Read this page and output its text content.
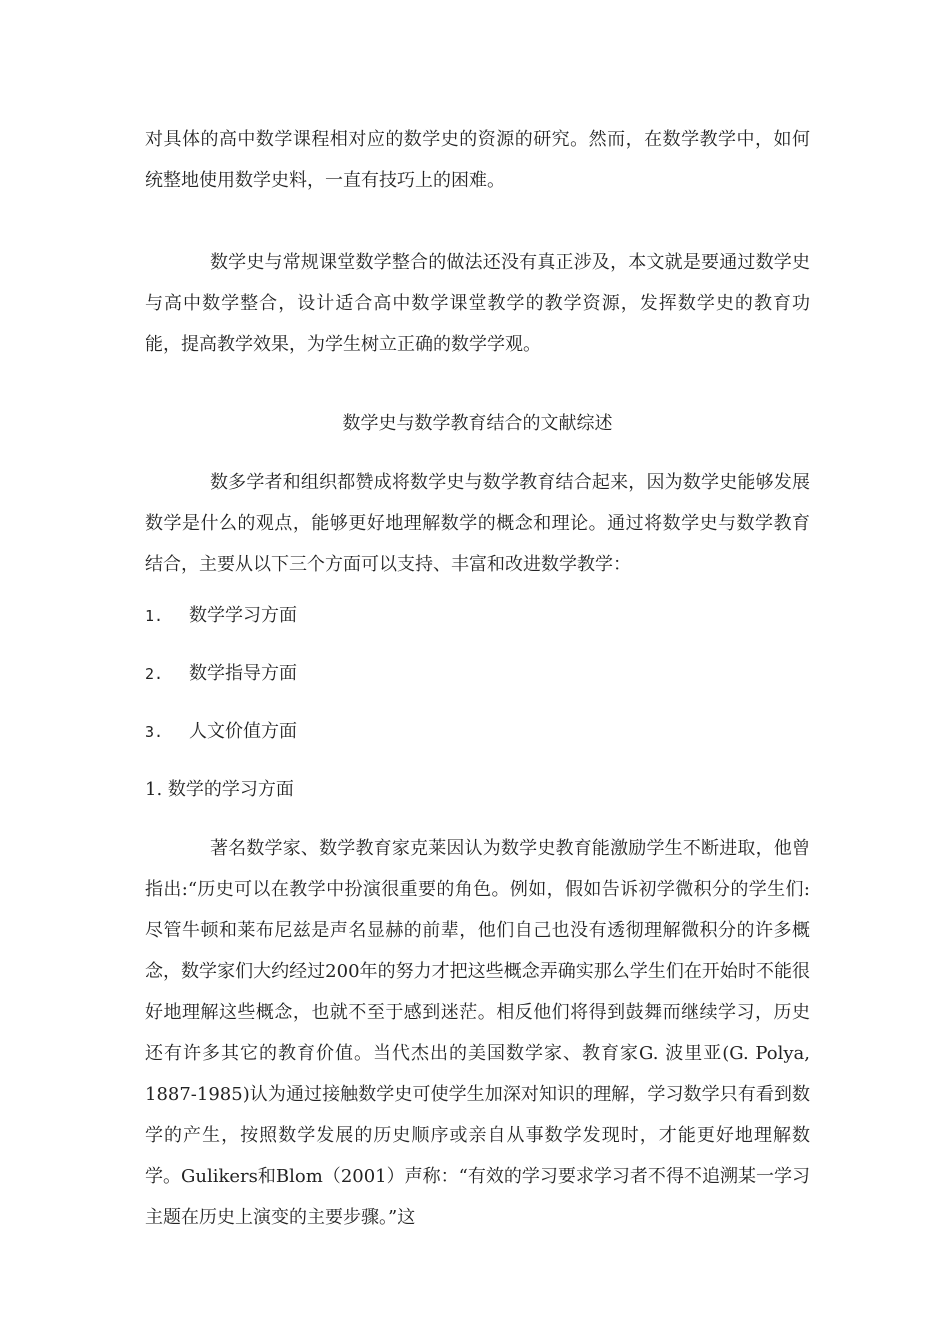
对具体的高中数学课程相对应的数学史的资源的研究。然而，在数学教学中，如何统整地使用数学史料，一直有技巧上的困难。

数学史与常规课堂数学整合的做法还没有真正涉及，本文就是要通过数学史与高中数学整合，设计适合高中数学课堂教学的教学资源，发挥数学史的教育功能，提高教学效果，为学生树立正确的数学学观。

数学史与数学教育结合的文献综述

数多学者和组织都赞成将数学史与数学教育结合起来，因为数学史能够发展数学是什么的观点，能够更好地理解数学的概念和理论。通过将数学史与数学教育结合，主要从以下三个方面可以支持、丰富和改进数学教学：

1. 数学学习方面

2. 数学指导方面

3. 人文价值方面

1. 数学的学习方面

著名数学家、数学教育家克莱因认为数学史教育能激励学生不断进取，他曾指出:“历史可以在教学中扮演很重要的角色。例如，假如告诉初学微积分的学生们:尽管牛顿和莱布尼兹是声名显赫的前辈，他们自己也没有透彻理解微积分的许多概念，数学家们大约经过200年的努力才把这些概念弄确实那么学生们在开始时不能很好地理解这些概念，也就不至于感到迷茫。相反他们将得到鼓舞而继续学习，历史还有许多其它的教育价值。当代杰出的美国数学家、教育家G. 波里亚(G. Polya, 1887-1985)认为通过接触数学史可使学生加深对知识的理解，学习数学只有看到数学的产生，按照数学发展的历史顺序或亲自从事数学发现时，才能更好地理解数学。Gulikers和Blom（2001）声称：“有效的学习要求学习者不得不追溯某一学习主题在历史上演变的主要步骤。”这
